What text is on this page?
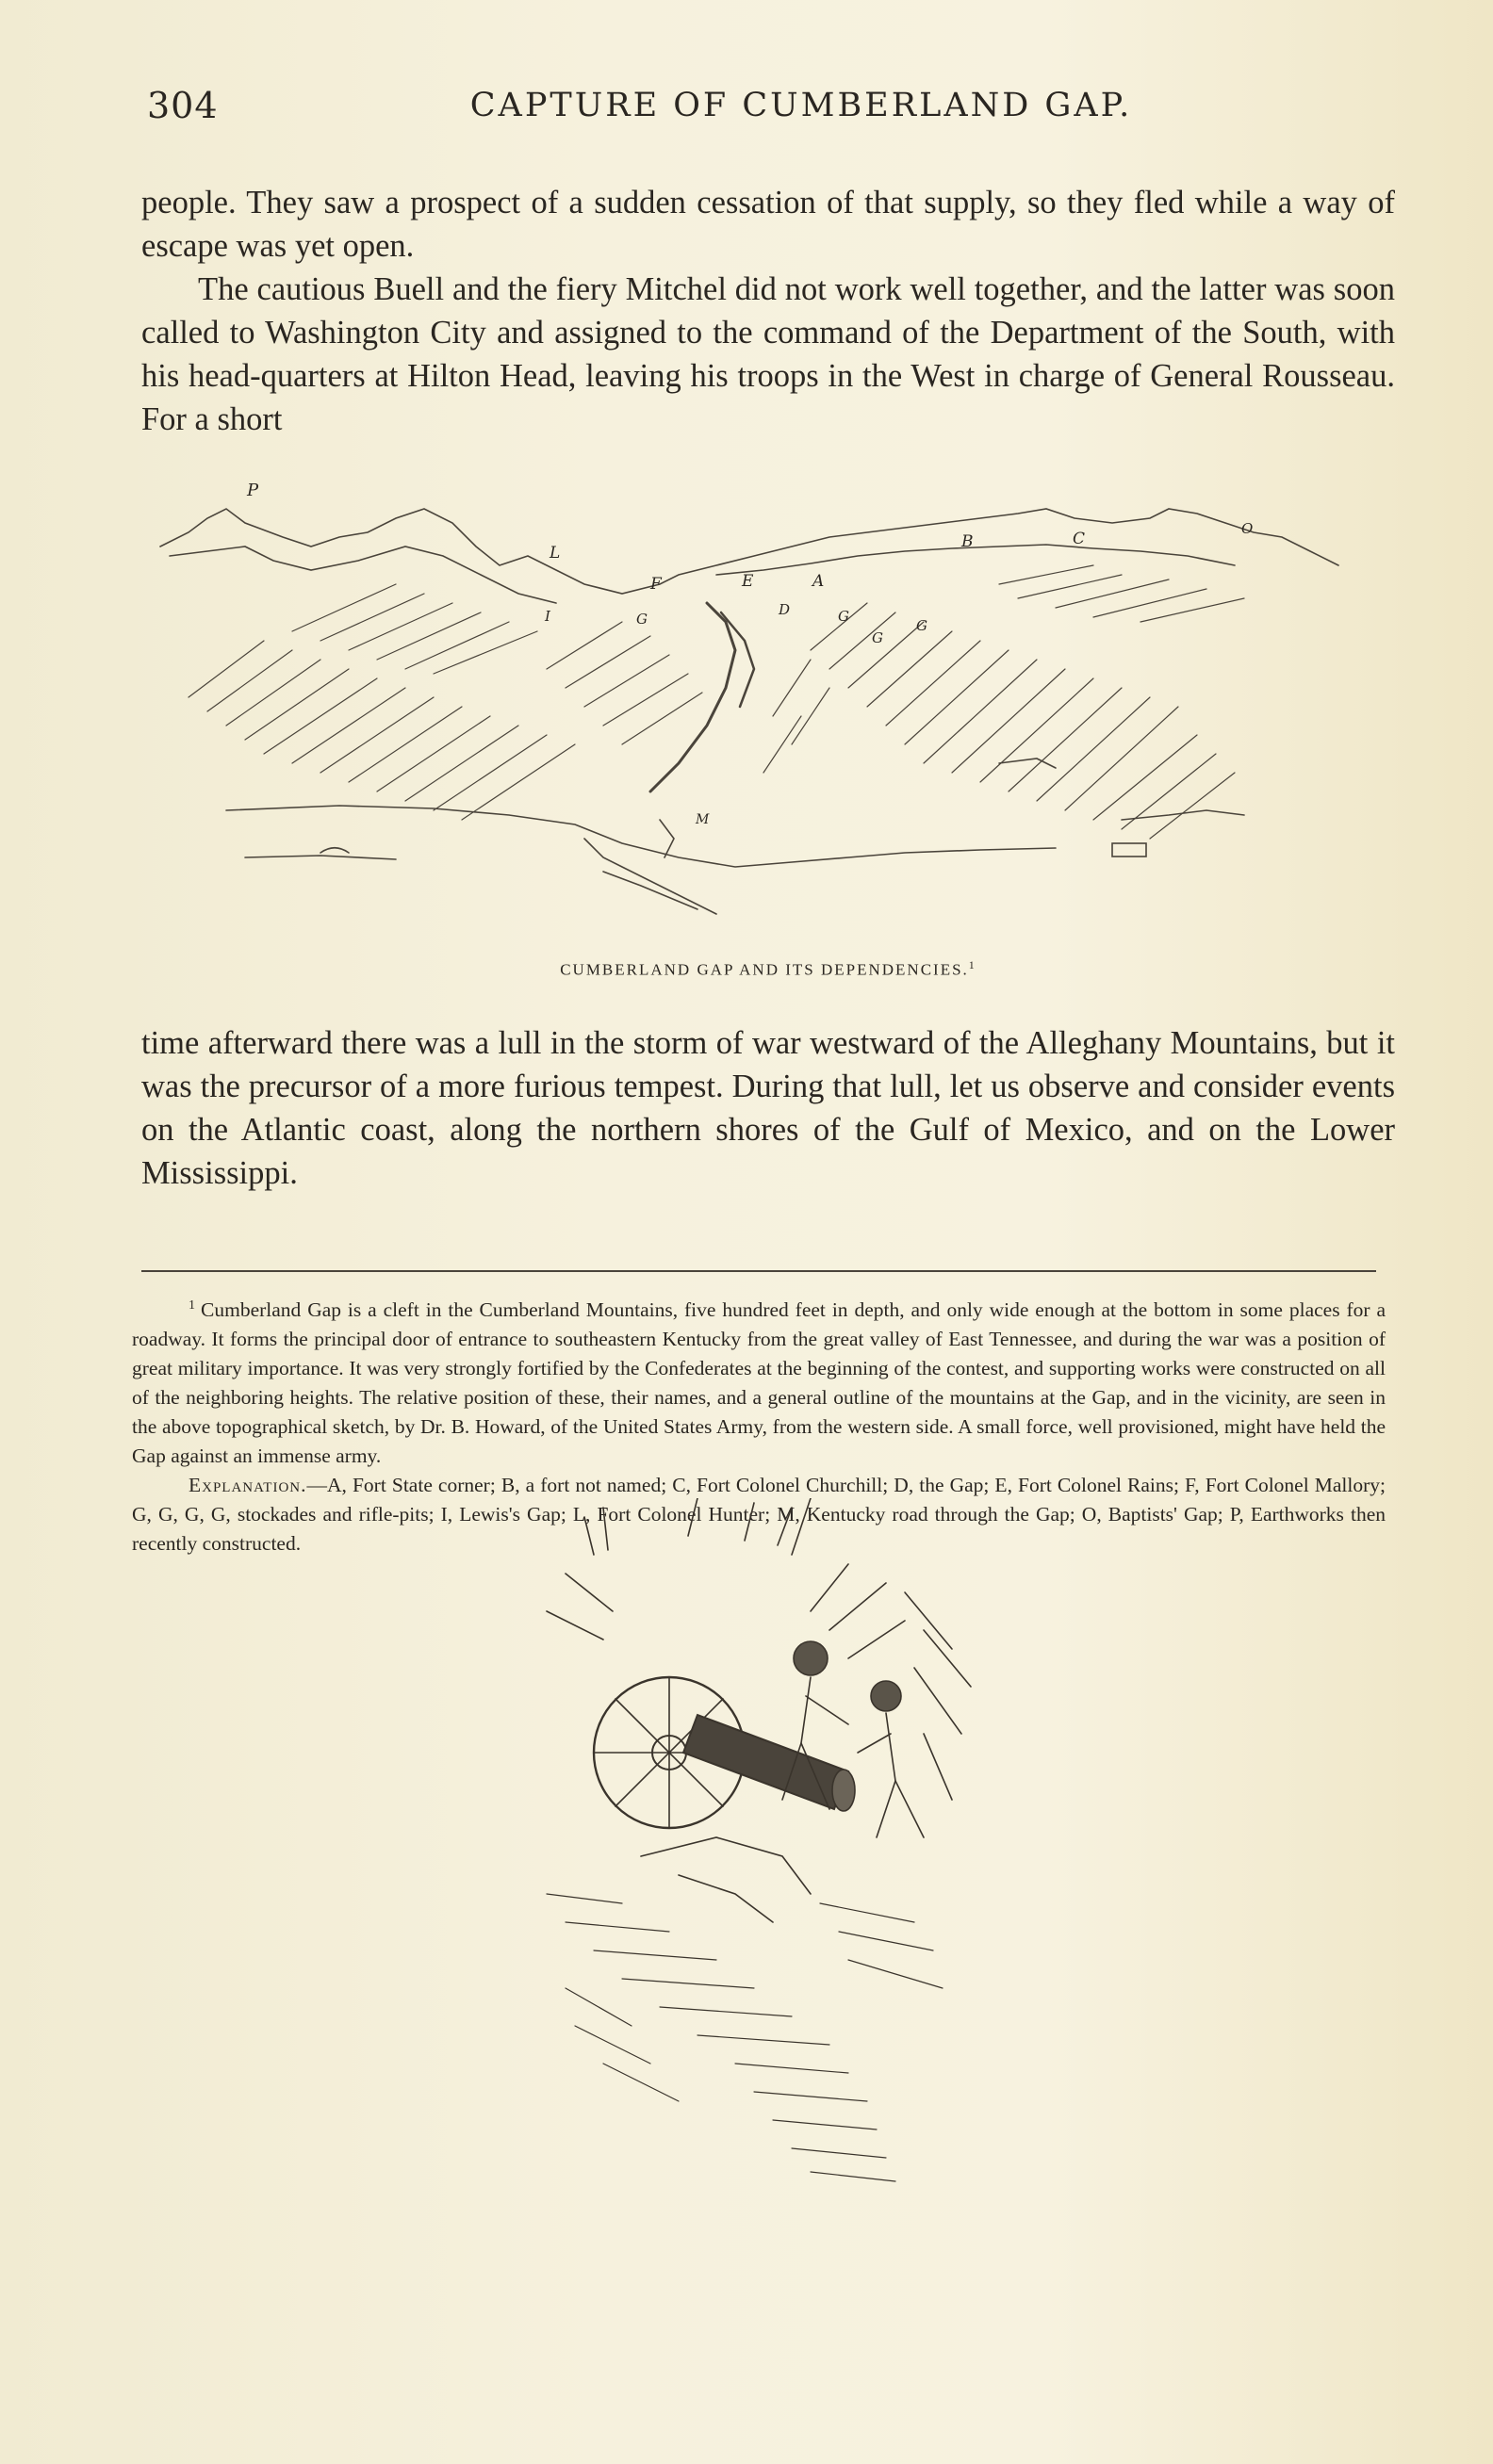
304	CAPTURE OF CUMBERLAND GAP.

people. They saw a prospect of a sudden cessation of that supply, so they fled while a way of escape was yet open.

The cautious Buell and the fiery Mitchel did not work well together, and the latter was soon called to Washington City and assigned to the command of the Department of the South, with his head-quarters at Hilton Head, leaving his troops in the West in charge of General Rousseau. For a short

P
L
F	E	A
B	C
O
I	D
G	G
G
G
M
CUMBERLAND GAP AND ITS DEPENDENCIES.$^1$

time afterward there was a lull in the storm of war westward of the Alleghany Mountains, but it was the precursor of a more furious tempest. During that lull, let us observe and consider events on the Atlantic coast, along the northern shores of the Gulf of Mexico, and on the Lower Mississippi.

$^1$ Cumberland Gap is a cleft in the Cumberland Mountains, five hundred feet in depth, and only wide enough at the bottom in some places for a roadway. It forms the principal door of entrance to southeastern Kentucky from the great valley of East Tennessee, and during the war was a position of great military importance. It was very strongly fortified by the Confederates at the beginning of the contest, and supporting works were constructed on all of the neighboring heights. The relative position of these, their names, and a general outline of the mountains at the Gap, and in the vicinity, are seen in the above topographical sketch, by Dr. B. Howard, of the United States Army, from the western side. A small force, well provisioned, might have held the Gap against an immense army.

Explanation.—A, Fort State corner; B, a fort not named; C, Fort Colonel Churchill; D, the Gap; E, Fort Colonel Rains; F, Fort Colonel Mallory; G, G, G, G, stockades and rifle-pits; I, Lewis's Gap; L, Fort Colonel Hunter; M, Kentucky road through the Gap; O, Baptists' Gap; P, Earthworks then recently constructed.
